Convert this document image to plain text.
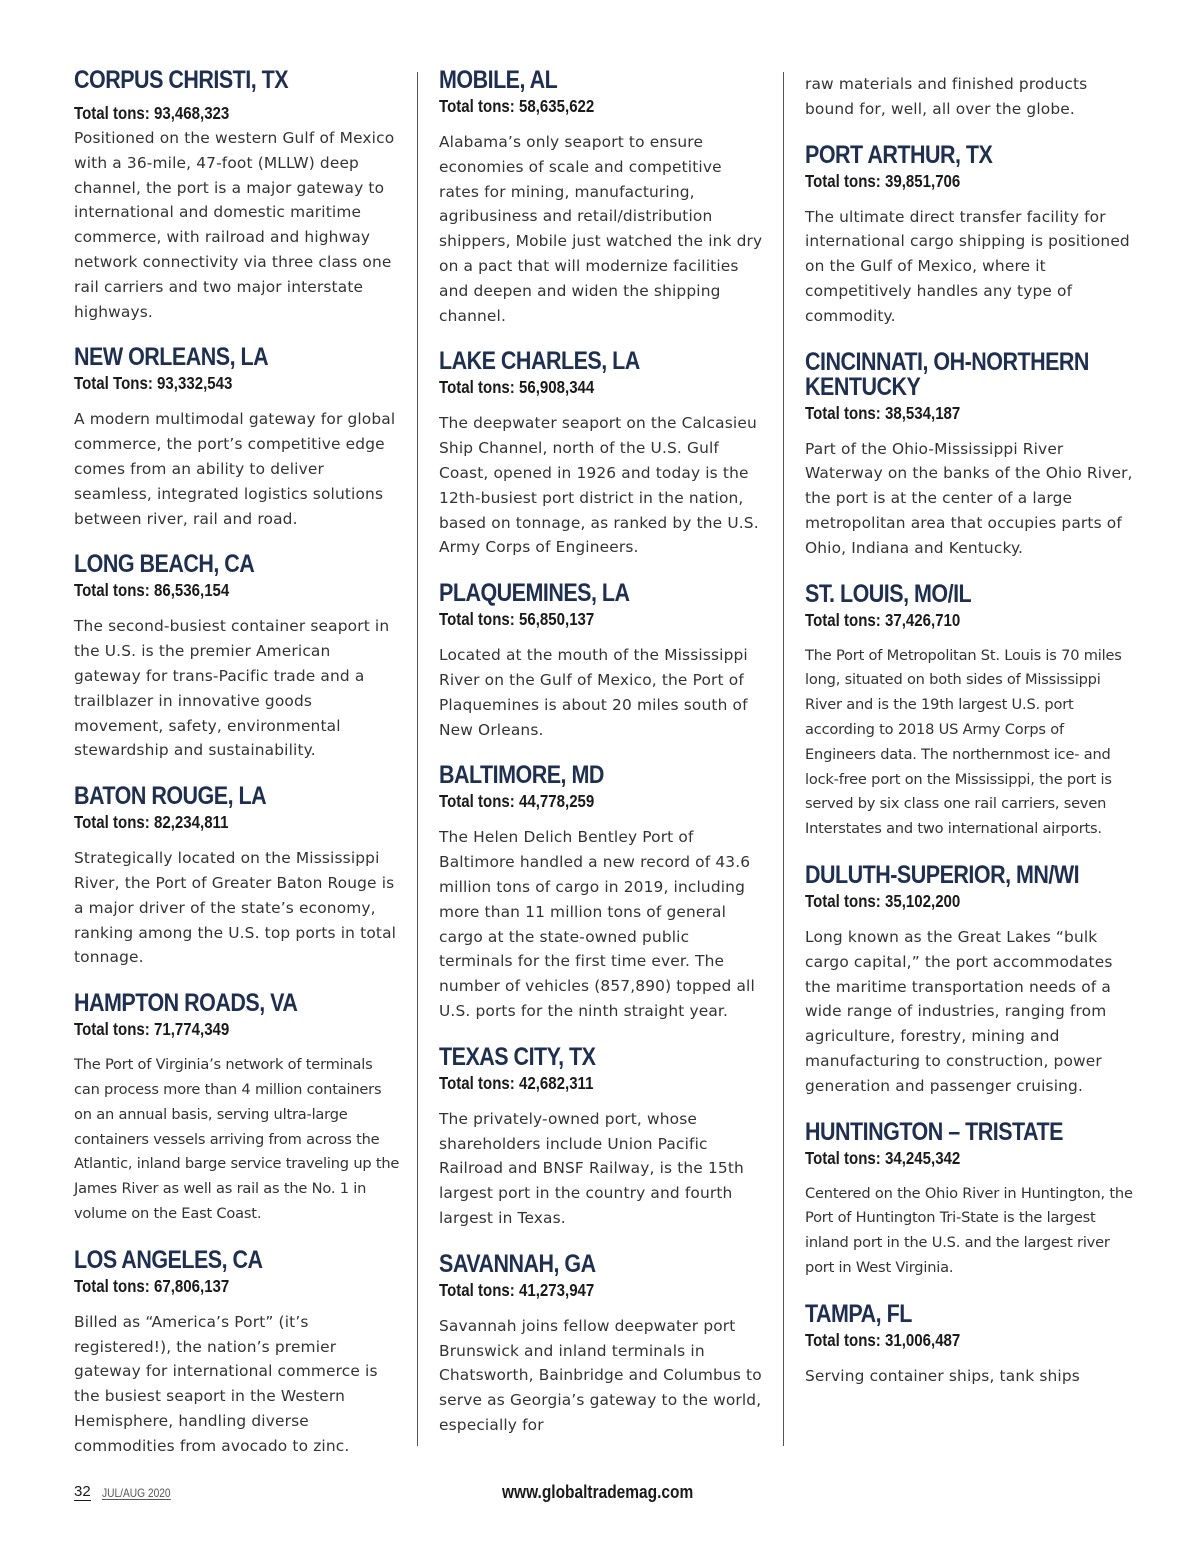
CORPUS CHRISTI, TX
Total tons: 93,468,323

Positioned on the western Gulf of Mexico with a 36-mile, 47-foot (MLLW) deep channel, the port is a major gateway to international and domestic maritime commerce, with railroad and highway network connectivity via three class one rail carriers and two major interstate highways.

NEW ORLEANS, LA
Total Tons: 93,332,543

A modern multimodal gateway for global commerce, the port’s competitive edge comes from an ability to deliver seamless, integrated logistics solutions between river, rail and road.

LONG BEACH, CA
Total tons: 86,536,154

The second-busiest container seaport in the U.S. is the premier American gateway for trans-Pacific trade and a trailblazer in innovative goods movement, safety, environmental stewardship and sustainability.

BATON ROUGE, LA
Total tons: 82,234,811

Strategically located on the Mississippi River, the Port of Greater Baton Rouge is a major driver of the state’s economy, ranking among the U.S. top ports in total tonnage.

HAMPTON ROADS, VA
Total tons: 71,774,349

The Port of Virginia’s network of terminals can process more than 4 million containers on an annual basis, serving ultra-large containers vessels arriving from across the Atlantic, inland barge service traveling up the James River as well as rail as the No. 1 in volume on the East Coast.

LOS ANGELES, CA
Total tons: 67,806,137

Billed as “America’s Port” (it’s registered!), the nation’s premier gateway for international commerce is the busiest seaport in the Western Hemisphere, handling diverse commodities from avocado to zinc.

MOBILE, AL
Total tons: 58,635,622

Alabama’s only seaport to ensure economies of scale and competitive rates for mining, manufacturing, agribusiness and retail/distribution shippers, Mobile just watched the ink dry on a pact that will modernize facilities and deepen and widen the shipping channel.

LAKE CHARLES, LA
Total tons: 56,908,344

The deepwater seaport on the Calcasieu Ship Channel, north of the U.S. Gulf Coast, opened in 1926 and today is the 12th-busiest port district in the nation, based on tonnage, as ranked by the U.S. Army Corps of Engineers.

PLAQUEMINES, LA
Total tons: 56,850,137

Located at the mouth of the Mississippi River on the Gulf of Mexico, the Port of Plaquemines is about 20 miles south of New Orleans.

BALTIMORE, MD
Total tons: 44,778,259

The Helen Delich Bentley Port of Baltimore handled a new record of 43.6 million tons of cargo in 2019, including more than 11 million tons of general cargo at the state-owned public terminals for the first time ever. The number of vehicles (857,890) topped all U.S. ports for the ninth straight year.

TEXAS CITY, TX
Total tons: 42,682,311

The privately-owned port, whose shareholders include Union Pacific Railroad and BNSF Railway, is the 15th largest port in the country and fourth largest in Texas.

SAVANNAH, GA
Total tons: 41,273,947

Savannah joins fellow deepwater port Brunswick and inland terminals in Chatsworth, Bainbridge and Columbus to serve as Georgia’s gateway to the world, especially for

raw materials and finished products bound for, well, all over the globe.

PORT ARTHUR, TX
Total tons: 39,851,706

The ultimate direct transfer facility for international cargo shipping is positioned on the Gulf of Mexico, where it competitively handles any type of commodity.

CINCINNATI, OH-NORTHERN KENTUCKY
Total tons: 38,534,187

Part of the Ohio-Mississippi River Waterway on the banks of the Ohio River, the port is at the center of a large metropolitan area that occupies parts of Ohio, Indiana and Kentucky.

ST. LOUIS, MO/IL
Total tons: 37,426,710

The Port of Metropolitan St. Louis is 70 miles long, situated on both sides of Mississippi River and is the 19th largest U.S. port according to 2018 US Army Corps of Engineers data. The northernmost ice- and lock-free port on the Mississippi, the port is served by six class one rail carriers, seven Interstates and two international airports.

DULUTH-SUPERIOR, MN/WI
Total tons: 35,102,200

Long known as the Great Lakes “bulk cargo capital,” the port accommodates the maritime transportation needs of a wide range of industries, ranging from agriculture, forestry, mining and manufacturing to construction, power generation and passenger cruising.

HUNTINGTON – TRISTATE
Total tons: 34,245,342

Centered on the Ohio River in Huntington, the Port of Huntington Tri-State is the largest inland port in the U.S. and the largest river port in West Virginia.

TAMPA, FL
Total tons: 31,006,487

Serving container ships, tank ships

32 JUL/AUG 2020	www.globaltrademag.com
